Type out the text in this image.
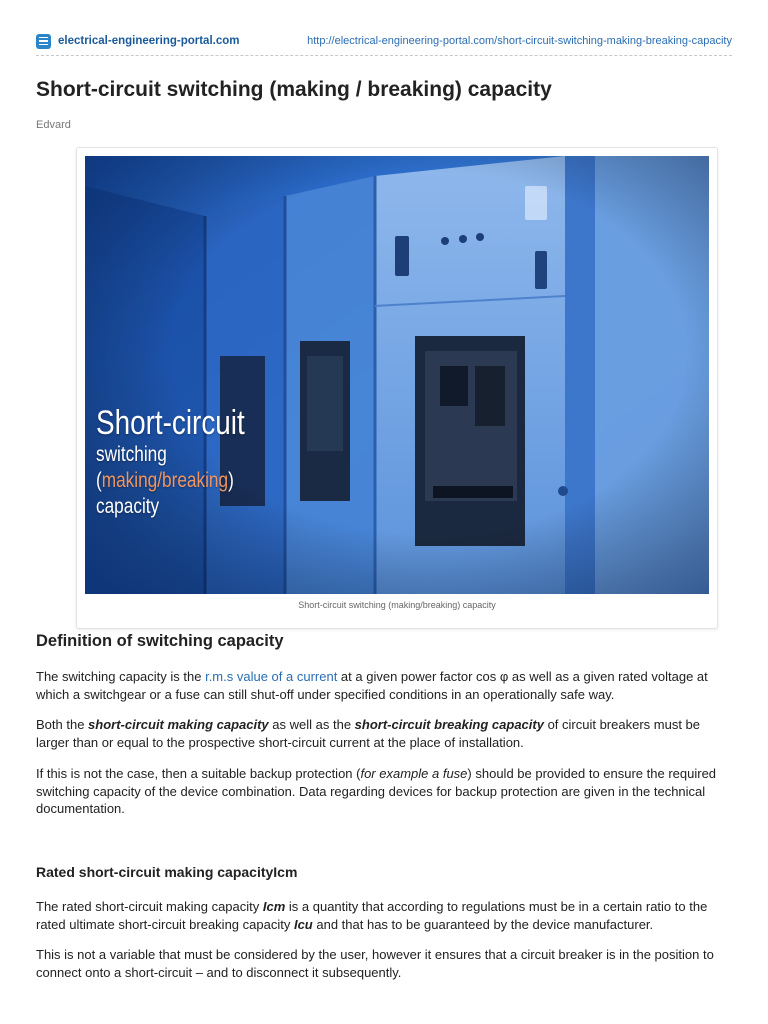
electrical-engineering-portal.com	http://electrical-engineering-portal.com/short-circuit-switching-making-breaking-capacity
Short-circuit switching (making / breaking) capacity
Edvard
Short-circuit
switching
(making/breaking)
capacity
Short-circuit switching (making/breaking) capacity
Definition of switching capacity

The switching capacity is the r.m.s value of a current at a given power factor cos φ as well as a given rated voltage at which a switchgear or a fuse can still shut-off under specified conditions in an operationally safe way.

Both the short-circuit making capacity as well as the short-circuit breaking capacity of circuit breakers must be larger than or equal to the prospective short-circuit current at the place of installation.

If this is not the case, then a suitable backup protection (for example a fuse) should be provided to ensure the required switching capacity of the device combination. Data regarding devices for backup protection are given in the technical documentation.

Rated short-circuit making capacityIcm

The rated short-circuit making capacity Icm is a quantity that according to regulations must be in a certain ratio to the rated ultimate short-circuit breaking capacity Icu and that has to be guaranteed by the device manufacturer.

This is not a variable that must be considered by the user, however it ensures that a circuit breaker is in the position to connect onto a short-circuit – and to disconnect it subsequently.
